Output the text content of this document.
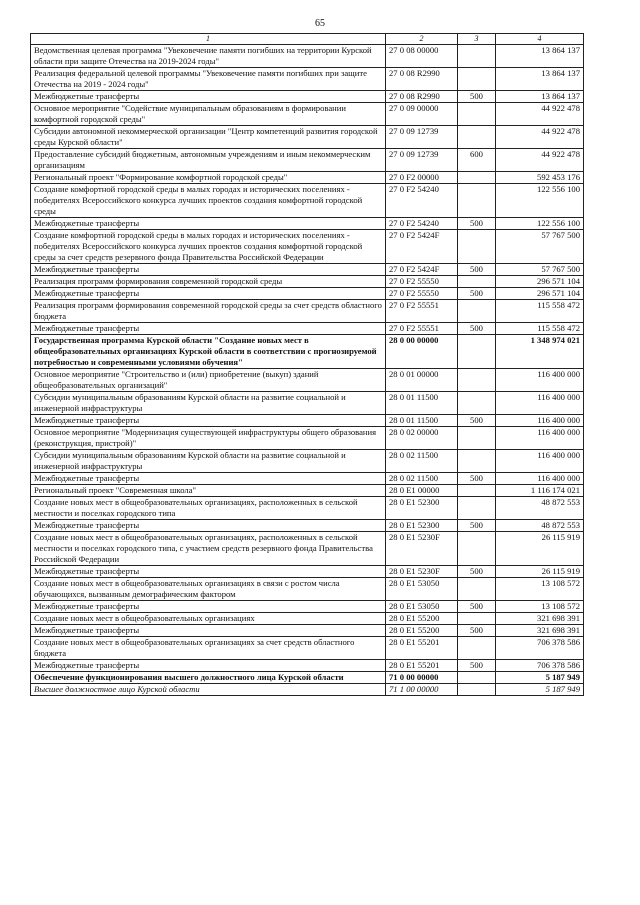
65
1	2	3	4
Ведомственная целевая программа "Увековечение памяти погибших на территории Курской области при защите Отечества на 2019-2024 годы"	27 0 08 00000		13 864 137
Реализация федеральной целевой программы "Увековечение памяти погибших при защите Отечества на 2019 - 2024 годы"	27 0 08 R2990		13 864 137
Межбюджетные трансферты	27 0 08 R2990	500	13 864 137
Основное мероприятие "Содействие муниципальным образованиям в формировании комфортной городской среды"	27 0 09 00000		44 922 478
Субсидии автономной некоммерческой организации "Центр компетенций развития городской среды Курской области"	27 0 09 12739		44 922 478
Предоставление субсидий бюджетным, автономным учреждениям и иным некоммерческим организациям	27 0 09 12739	600	44 922 478
Региональный проект "Формирование комфортной городской среды"	27 0 F2 00000		592 453 176
Создание комфортной городской среды в малых городах и исторических поселениях - победителях Всероссийского конкурса лучших проектов создания комфортной городской среды	27 0 F2 54240		122 556 100
Межбюджетные трансферты	27 0 F2 54240	500	122 556 100
Создание комфортной городской среды в малых городах и исторических поселениях - победителях Всероссийского конкурса лучших проектов создания комфортной городской среды за счет средств резервного фонда Правительства Российской Федерации	27 0 F2 5424F		57 767 500
Межбюджетные трансферты	27 0 F2 5424F	500	57 767 500
Реализация программ формирования современной городской среды	27 0 F2 55550		296 571 104
Межбюджетные трансферты	27 0 F2 55550	500	296 571 104
Реализация программ формирования современной городской среды за счет средств областного бюджета	27 0 F2 55551		115 558 472
Межбюджетные трансферты	27 0 F2 55551	500	115 558 472
Государственная программа Курской области "Создание новых мест в общеобразовательных организациях Курской области в соответствии с прогнозируемой потребностью и современными условиями обучения"	28 0 00 00000		1 348 974 021
Основное мероприятие "Строительство и (или) приобретение (выкуп) зданий общеобразовательных организаций"	28 0 01 00000		116 400 000
Субсидии муниципальным образованиям Курской области на развитие социальной и инженерной инфраструктуры	28 0 01 11500		116 400 000
Межбюджетные трансферты	28 0 01 11500	500	116 400 000
Основное мероприятие "Модернизация существующей инфраструктуры общего образования (реконструкция, пристрой)"	28 0 02 00000		116 400 000
Субсидии муниципальным образованиям Курской области на развитие социальной и инженерной инфраструктуры	28 0 02 11500		116 400 000
Межбюджетные трансферты	28 0 02 11500	500	116 400 000
Региональный проект "Современная школа"	28 0 E1 00000		1 116 174 021
Создание новых мест в общеобразовательных организациях, расположенных в сельской местности и поселках городского типа	28 0 E1 52300		48 872 553
Межбюджетные трансферты	28 0 E1 52300	500	48 872 553
Создание новых мест в общеобразовательных организациях, расположенных в сельской местности и поселках городского типа, с участием средств резервного фонда Правительства Российской Федерации	28 0 E1 5230F		26 115 919
Межбюджетные трансферты	28 0 E1 5230F	500	26 115 919
Создание новых мест в общеобразовательных организациях в связи с ростом числа обучающихся, вызванным демографическим фактором	28 0 E1 53050		13 108 572
Межбюджетные трансферты	28 0 E1 53050	500	13 108 572
Создание новых мест в общеобразовательных организациях	28 0 E1 55200		321 698 391
Межбюджетные трансферты	28 0 E1 55200	500	321 698 391
Создание новых мест в общеобразовательных организациях за счет средств областного бюджета	28 0 E1 55201		706 378 586
Межбюджетные трансферты	28 0 E1 55201	500	706 378 586
Обеспечение функционирования высшего должностного лица Курской области	71 0 00 00000		5 187 949
Высшее должностное лицо Курской области	71 1 00 00000		5 187 949
